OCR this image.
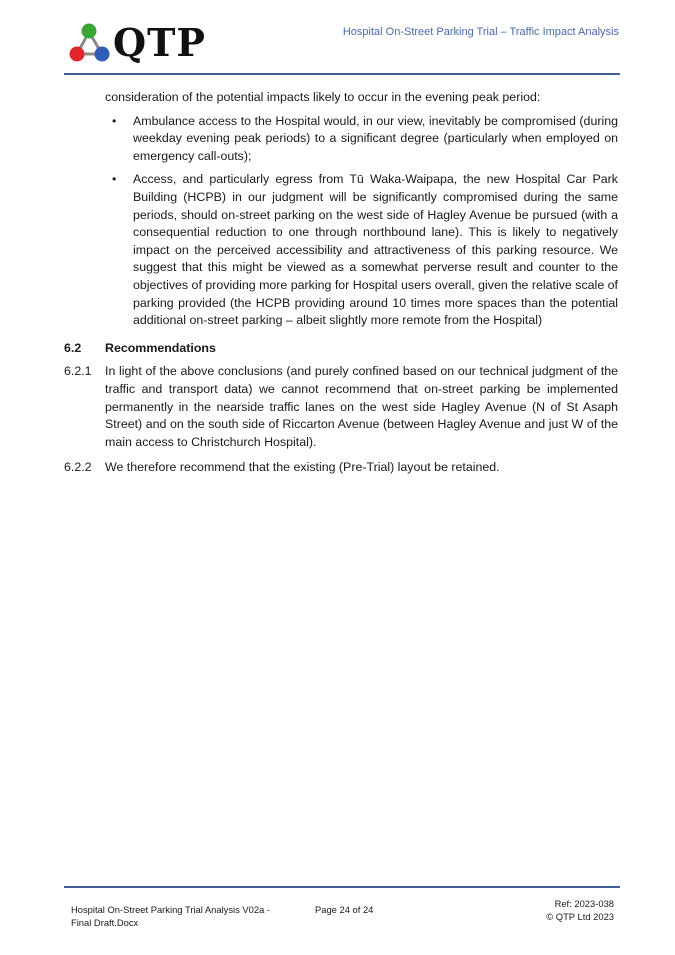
QTP	Hospital On-Street Parking Trial – Traffic Impact Analysis

consideration of the potential impacts likely to occur in the evening peak period:

• Ambulance access to the Hospital would, in our view, inevitably be compromised (during weekday evening peak periods) to a significant degree (particularly when employed on emergency call-outs);
• Access, and particularly egress from Tū Waka-Waipapa, the new Hospital Car Park Building (HCPB) in our judgment will be significantly compromised during the same periods, should on-street parking on the west side of Hagley Avenue be pursued (with a consequential reduction to one through northbound lane). This is likely to negatively impact on the perceived accessibility and attractiveness of this parking resource. We suggest that this might be viewed as a somewhat perverse result and counter to the objectives of providing more parking for Hospital users overall, given the relative scale of parking provided (the HCPB providing around 10 times more spaces than the potential additional on-street parking – albeit slightly more remote from the Hospital)
6.2 Recommendations
6.2.1	In light of the above conclusions (and purely confined based on our technical judgment of the traffic and transport data) we cannot recommend that on-street parking be implemented permanently in the nearside traffic lanes on the west side Hagley Avenue (N of St Asaph Street) and on the south side of Riccarton Avenue (between Hagley Avenue and just W of the main access to Christchurch Hospital).
6.2.2	We therefore recommend that the existing (Pre-Trial) layout be retained.
Hospital On-Street Parking Trial Analysis V02a - Final Draft.Docx
Page 24 of 24
Ref: 2023-038
© QTP Ltd 2023
